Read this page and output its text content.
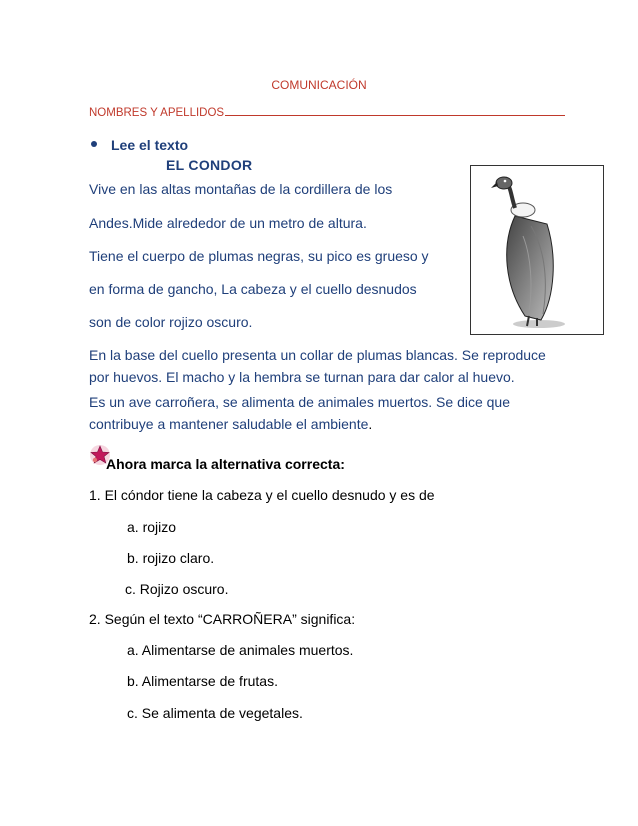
COMUNICACIÓN
NOMBRES Y APELLIDOS
Lee el texto
EL CONDOR
Vive en las altas montañas de la cordillera de los
Andes.Mide alrededor de un metro de altura.
Tiene el cuerpo de plumas negras, su pico es grueso y
en forma de gancho, La cabeza y el cuello desnudos
son de color rojizo oscuro.
En la base del cuello presenta un collar de plumas blancas. Se reproduce por huevos. El macho y la hembra se turnan para dar calor al huevo.
Es un ave carroñera, se alimenta de animales muertos. Se dice que contribuye a mantener saludable el ambiente.
Ahora marca la alternativa correcta:
1. El cóndor tiene la cabeza y el cuello desnudo y es de
a. rojizo
b. rojizo claro.
c. Rojizo oscuro.
2. Según el texto “CARROÑERA” significa:
a. Alimentarse de animales muertos.
b. Alimentarse de frutas.
c. Se alimenta de vegetales.
